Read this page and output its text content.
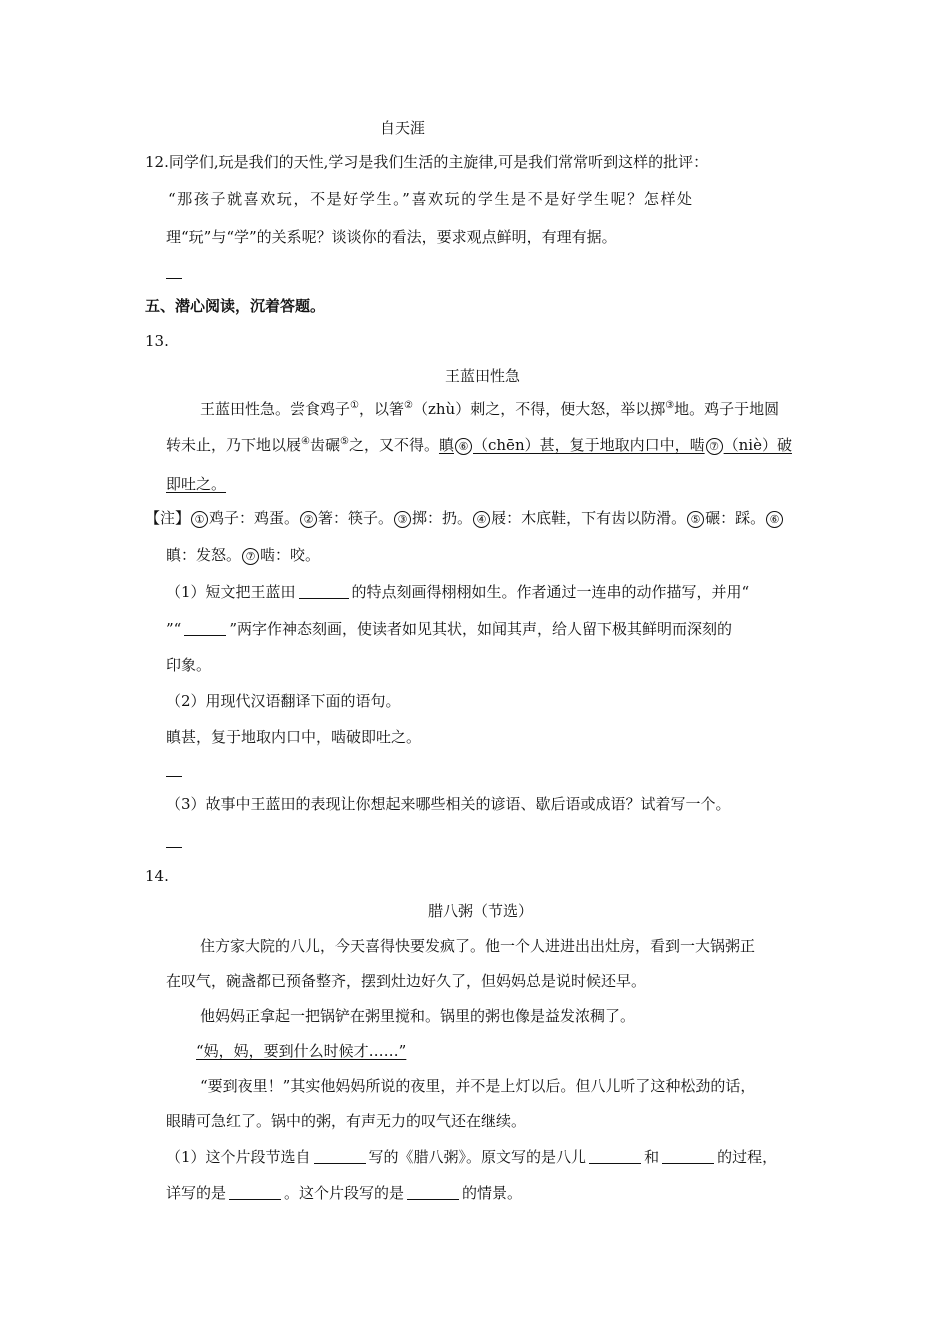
自天涯
12.同学们,玩是我们的天性,学习是我们生活的主旋律,可是我们常常听到这样的批评：
“那孩子就喜欢玩，不是好学生。”喜欢玩的学生是不是好学生呢？怎样处
理“玩”与“学”的关系呢？谈谈你的看法，要求观点鲜明，有理有据。
五、潜心阅读，沉着答题。
13.
王蓝田性急
王蓝田性急。尝食鸡子①，以箸②（zhù）刺之，不得，便大怒，举以掷③地。鸡子于地圆
转未止，乃下地以屐④齿碾⑤之，又不得。瞋 ⑥ （chēn）甚，复于地取内口中，啮 ⑦ （niè）破
即吐之。
【注】 ① 鸡子：鸡蛋。 ② 箸：筷子。 ③ 掷：扔。 ④ 屐：木底鞋，下有齿以防滑。 ⑤ 碾：踩。 ⑥
瞋：发怒。 ⑦ 啮：咬。
（1）短文把王蓝田	的特点刻画得栩栩如生。作者通过一连串的动作描写，并用“
”“	”两字作神态刻画，使读者如见其状，如闻其声，给人留下极其鲜明而深刻的
印象。
（2）用现代汉语翻译下面的语句。
瞋甚，复于地取内口中，啮破即吐之。
（3）故事中王蓝田的表现让你想起来哪些相关的谚语、歇后语或成语？试着写一个。
14.
腊八粥（节选）
住方家大院的八儿，今天喜得快要发疯了。他一个人进进出出灶房，看到一大锅粥正
在叹气，碗盏都已预备整齐，摆到灶边好久了，但妈妈总是说时候还早。
他妈妈正拿起一把锅铲在粥里搅和。锅里的粥也像是益发浓稠了。
“妈，妈，要到什么时候才……”
“要到夜里！”其实他妈妈所说的夜里，并不是上灯以后。但八儿听了这种松劲的话，
眼睛可急红了。锅中的粥，有声无力的叹气还在继续。
（1）这个片段节选自	写的《腊八粥》。原文写的是八儿	和	的过程，
详写的是	。这个片段写的是	的情景。
